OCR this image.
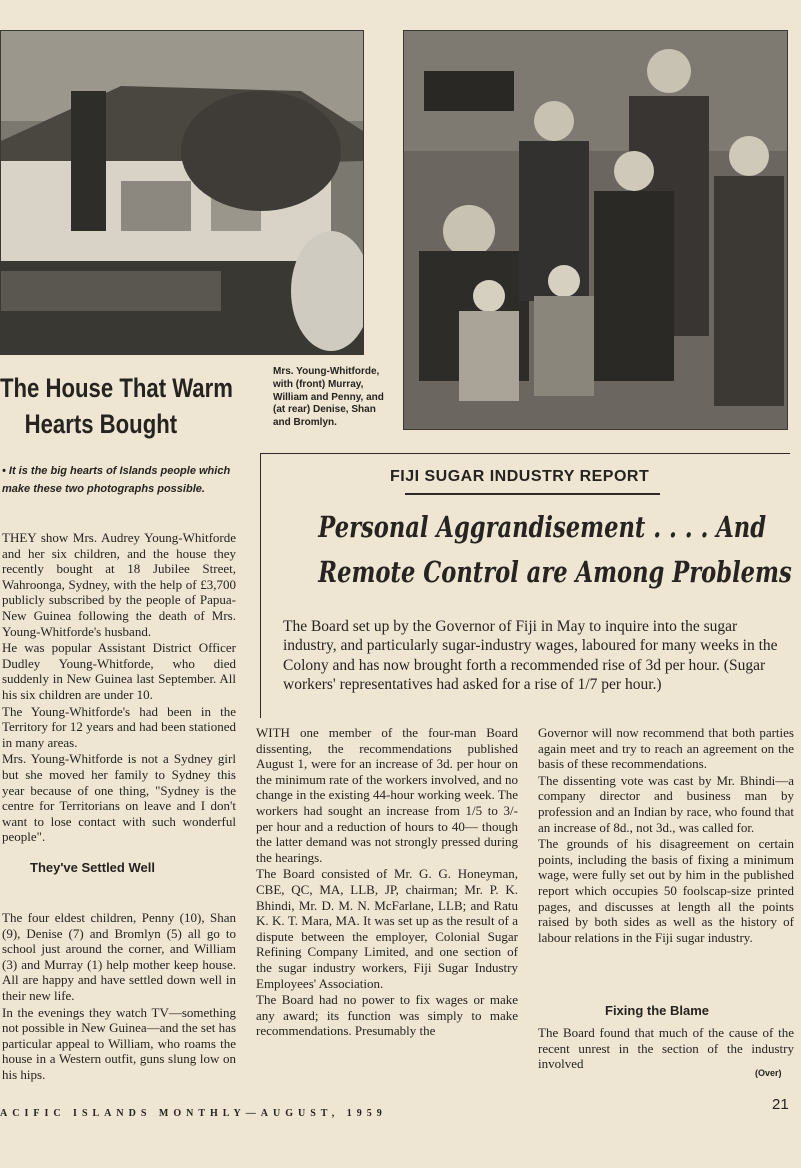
The House That Warm
Hearts Bought
Mrs. Young-Whitforde, with (front) Murray, William and Penny, and (at rear) Denise, Shan and Bromlyn.
• It is the big hearts of Islands people which make these two photographs possible.

THEY show Mrs. Audrey Young-Whitforde and her six children, and the house they recently bought at 18 Jubilee Street, Wahroonga, Sydney, with the help of £3,700 publicly subscribed by the people of Papua-New Guinea following the death of Mrs. Young-Whitforde's husband.

He was popular Assistant District Officer Dudley Young-Whitforde, who died suddenly in New Guinea last September. All his six children are under 10.

The Young-Whitforde's had been in the Territory for 12 years and had been stationed in many areas.

Mrs. Young-Whitforde is not a Sydney girl but she moved her family to Sydney this year because of one thing, "Sydney is the centre for Territorians on leave and I don't want to lose contact with such wonderful people".

They've Settled Well

The four eldest children, Penny (10), Shan (9), Denise (7) and Bromlyn (5) all go to school just around the corner, and William (3) and Murray (1) help mother keep house. All are happy and have settled down well in their new life.

In the evenings they watch TV—something not possible in New Guinea—and the set has particular appeal to William, who roams the house in a Western outfit, guns slung low on his hips.

FIJI SUGAR INDUSTRY REPORT
Personal Aggrandisement . . . . And
Remote Control are Among Problems
The Board set up by the Governor of Fiji in May to inquire into the sugar industry, and particularly sugar-industry wages, laboured for many weeks in the Colony and has now brought forth a recommended rise of 3d per hour. (Sugar workers' representatives had asked for a rise of 1/7 per hour.)

WITH one member of the four-man Board dissenting, the recommendations published August 1, were for an increase of 3d. per hour on the minimum rate of the workers involved, and no change in the existing 44-hour working week. The workers had sought an increase from 1/5 to 3/- per hour and a reduction of hours to 40— though the latter demand was not strongly pressed during the hearings.

The Board consisted of Mr. G. G. Honeyman, CBE, QC, MA, LLB, JP, chairman; Mr. P. K. Bhindi, Mr. D. M. N. McFarlane, LLB; and Ratu K. K. T. Mara, MA. It was set up as the result of a dispute between the employer, Colonial Sugar Refining Company Limited, and one section of the sugar industry workers, Fiji Sugar Industry Employees' Association.

The Board had no power to fix wages or make any award; its function was simply to make recommendations. Presumably the

Governor will now recommend that both parties again meet and try to reach an agreement on the basis of these recommendations.

The dissenting vote was cast by Mr. Bhindi—a company director and business man by profession and an Indian by race, who found that an increase of 8d., not 3d., was called for.

The grounds of his disagreement on certain points, including the basis of fixing a minimum wage, were fully set out by him in the published report which occupies 50 foolscap-size printed pages, and discusses at length all the points raised by both sides as well as the history of labour relations in the Fiji sugar industry.

Fixing the Blame

The Board found that much of the cause of the recent unrest in the section of the industry involved

(Over)
ACIFIC ISLANDS MONTHLY—AUGUST, 1959
21
